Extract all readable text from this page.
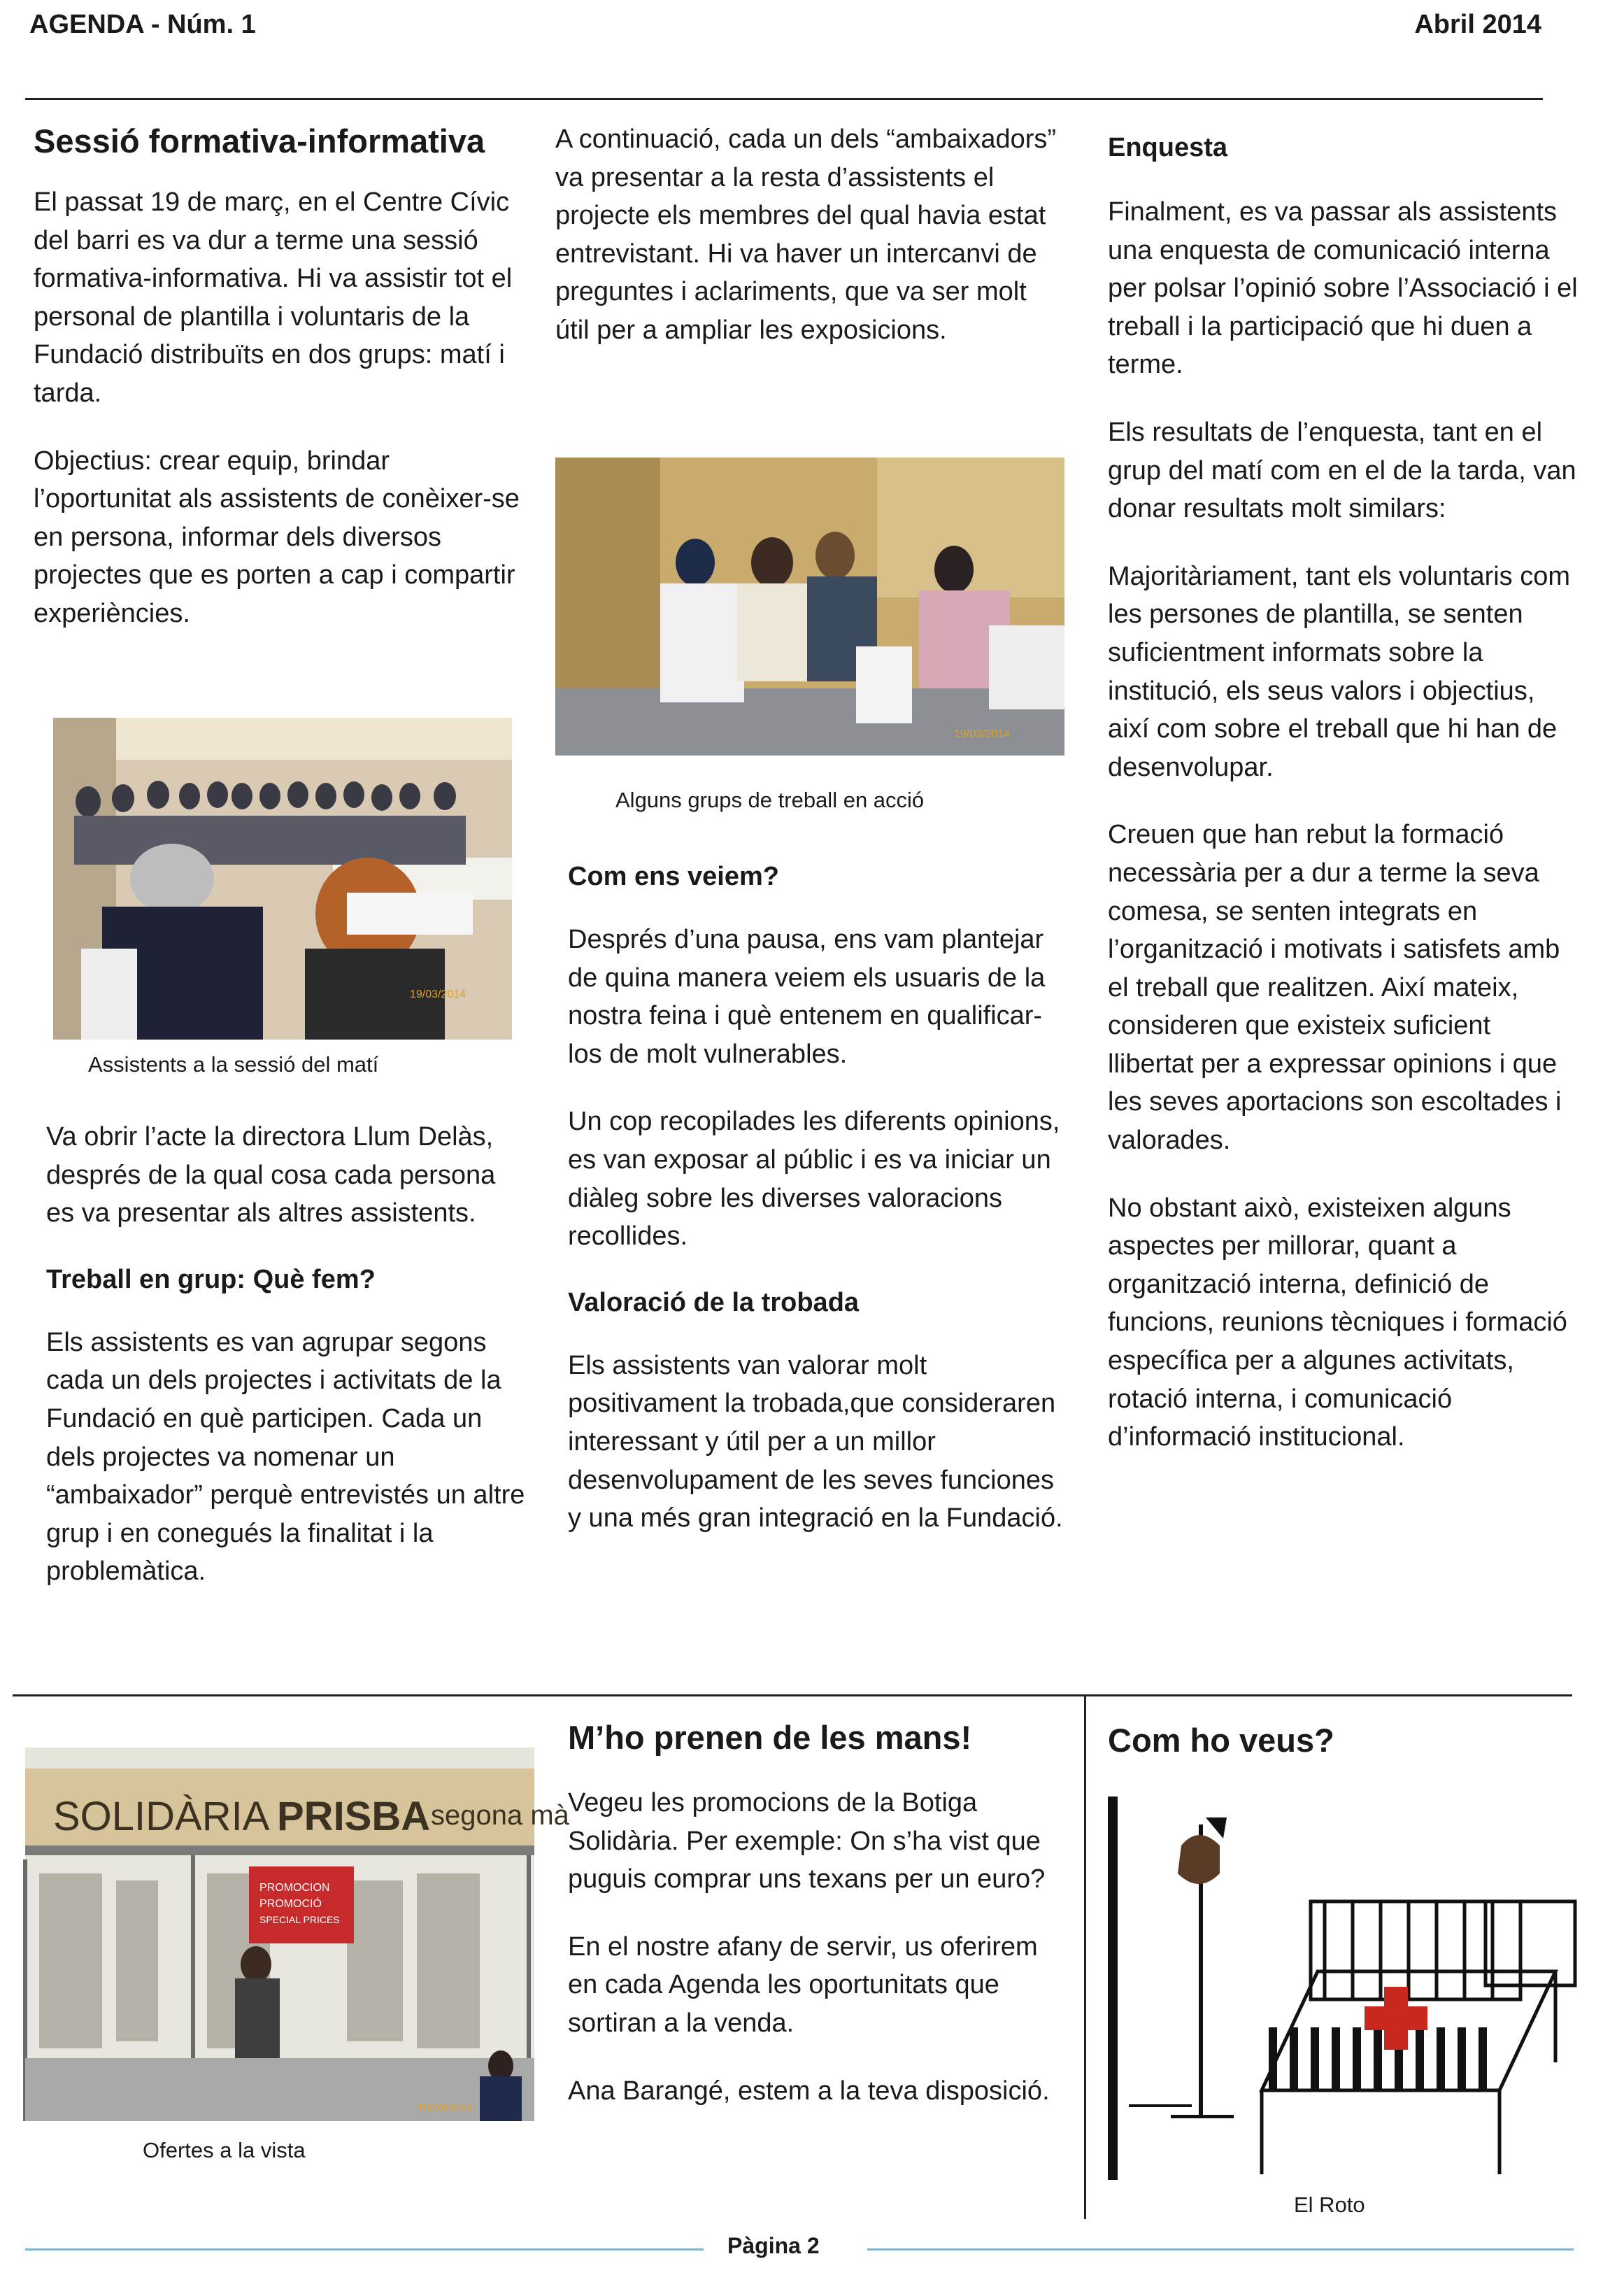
AGENDA - Núm. 1	Abril 2014
Sessió formativa-informativa

El passat 19 de març, en el Centre Cívic del barri es va dur a terme una sessió formativa-informativa. Hi va assistir tot el personal de plantilla i voluntaris de la Fundació distribuïts en dos grups: matí i tarda.

Objectius: crear equip, brindar l’oportunitat als assistents de conèixer-se en persona, informar dels diversos projectes que es porten a cap i compartir experiències.

19/03/2014
Assistents a la sessió del matí

Va obrir l’acte la directora Llum Delàs, després de la qual cosa cada persona es va presentar als altres assistents.

Treball en grup: Què fem?

Els assistents es van agrupar segons cada un dels projectes i activitats de la Fundació en què participen. Cada un dels projectes va nomenar un “ambaixador” perquè entrevistés un altre grup i en conegués la finalitat i la problemàtica.

A continuació, cada un dels “ambaixadors” va presentar a la resta d’assistents el projecte els membres del qual havia estat entrevistant. Hi va haver un intercanvi de preguntes i aclariments, que va ser molt útil per a ampliar les exposicions.

19/03/2014
Alguns grups de treball en acció
Com ens veiem?

Després d’una pausa, ens vam plantejar de quina manera veiem els usuaris de la nostra feina i què entenem en qualificar-los de molt vulnerables.

Un cop recopilades les diferents opinions, es van exposar al públic i es va iniciar un diàleg sobre les diverses valoracions recollides.

Valoració de la trobada

Els assistents van valorar molt positivament la trobada,que consideraren interessant y útil per a un millor desenvolupament de les seves funciones y una més gran integració en la Fundació.

Enquesta

Finalment, es va passar als assistents una enquesta de comunicació interna per polsar l’opinió sobre l’Associació i el treball i la participació que hi duen a terme.

Els resultats de l’enquesta, tant en el grup del matí com en el de la tarda, van donar resultats molt similars:

Majoritàriament, tant els voluntaris com les persones de plantilla, se senten suficientment informats sobre la institució, els seus valors i objectius, així com sobre el treball que hi han de desenvolupar.

Creuen que han rebut la formació necessària per a dur a terme la seva comesa, se senten integrats en l’organització i motivats i satisfets amb el treball que realitzen. Així mateix, consideren que existeix suficient llibertat per a expressar opinions i que les seves aportacions son escoltades i valorades.

No obstant això, existeixen alguns aspectes per millorar, quant a organització interna, definició de funcions, reunions tècniques i formació específica per a algunes activitats, rotació interna, i comunicació d’informació institucional.

SOLIDÀRIA PRISBA segona mà
PROMOCION
PROMOCIÓ
SPECIAL PRICES
19/03/2014
Ofertes a la vista
M’ho prenen de les mans!

Vegeu les promocions de la Botiga Solidària. Per exemple: On s’ha vist que puguis comprar uns texans per un euro?

En el nostre afany de servir, us oferirem en cada Agenda les oportunitats que sortiran a la venda.

Ana Barangé, estem a la teva disposició.

Com ho veus?
El Roto
Pàgina 2
